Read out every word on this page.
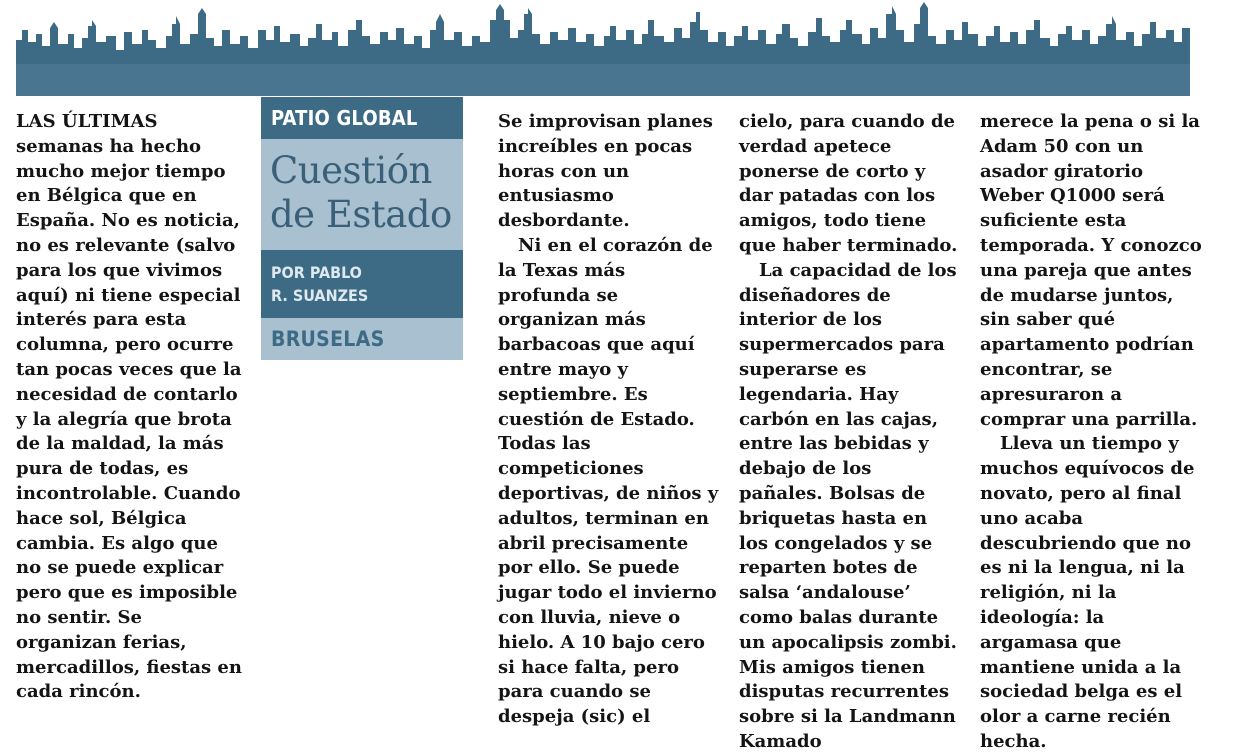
PATIO GLOBAL
Cuestión
de Estado
POR PABLO
R. SUANZES
BRUSELAS

LAS ÚLTIMAS
semanas ha hecho mucho mejor tiempo en Bélgica que en España. No es noticia, no es relevante (salvo para los que vivimos aquí) ni tiene especial interés para esta columna, pero ocurre tan pocas veces que la necesidad de contarlo y la alegría que brota de la maldad, la más pura de todas, es incontrolable. Cuando hace sol, Bélgica cambia. Es algo que no se puede explicar pero que es imposible no sentir. Se organizan ferias, mercadillos, fiestas en cada rincón.

Se improvisan planes increíbles en pocas horas con un entusiasmo desbordante.

Ni en el corazón de la Texas más profunda se organizan más barbacoas que aquí entre mayo y septiembre. Es cuestión de Estado. Todas las competiciones deportivas, de niños y adultos, terminan en abril precisamente por ello. Se puede jugar todo el invierno con lluvia, nieve o hielo. A 10 bajo cero si hace falta, pero para cuando se despeja (sic) el

cielo, para cuando de verdad apetece ponerse de corto y dar patadas con los amigos, todo tiene que haber terminado.

La capacidad de los diseñadores de interior de los supermercados para superarse es legendaria. Hay carbón en las cajas, entre las bebidas y debajo de los pañales. Bolsas de briquetas hasta en los congelados y se reparten botes de salsa ‘andalouse’ como balas durante un apocalipsis zombi. Mis amigos tienen disputas recurrentes sobre si la Landmann Kamado

merece la pena o si la Adam 50 con un asador giratorio Weber Q1000 será suficiente esta temporada. Y conozco una pareja que antes de mudarse juntos, sin saber qué apartamento podrían encontrar, se apresuraron a comprar una parrilla.

Lleva un tiempo y muchos equívocos de novato, pero al final uno acaba descubriendo que no es ni la lengua, ni la religión, ni la ideología: la argamasa que mantiene unida a la sociedad belga es el olor a carne recién hecha.
